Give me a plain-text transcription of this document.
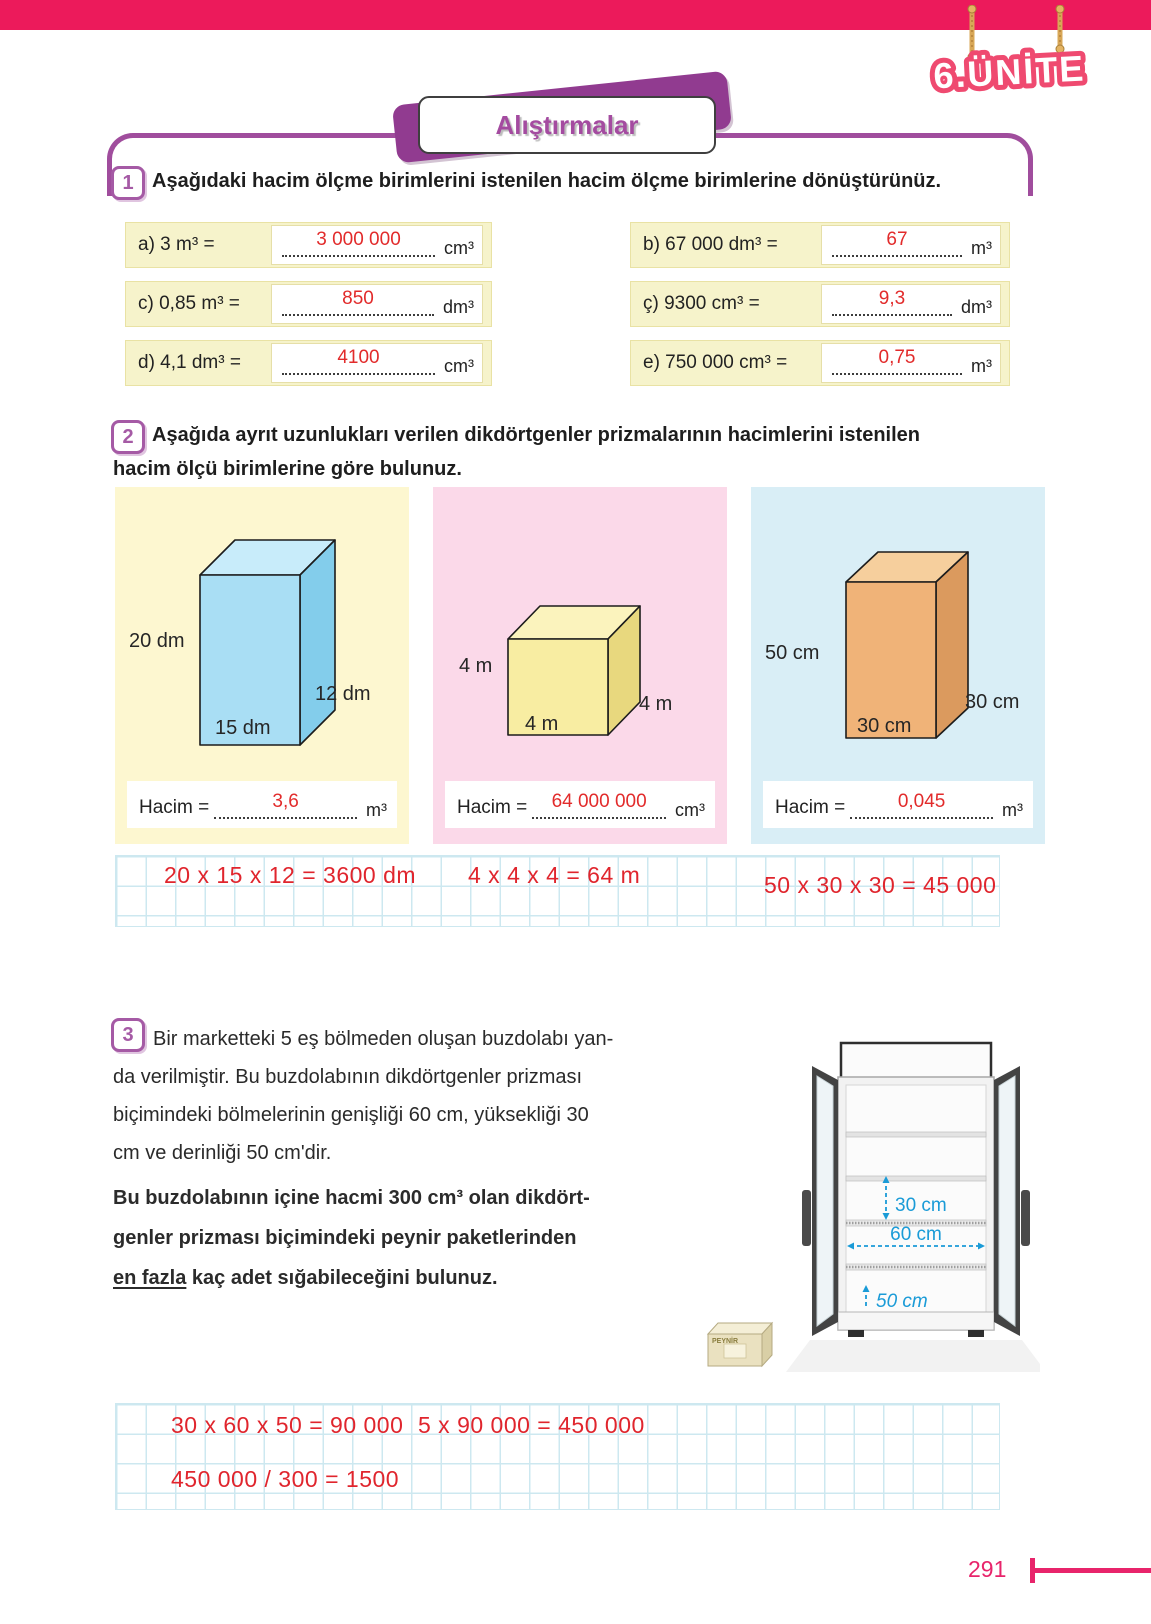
6.ÜNİTE
Alıştırmalar
1 Aşağıdaki hacim ölçme birimlerini istenilen hacim ölçme birimlerine dönüştürünüz.
a) 3 m³ =	3 000 000	cm³	b) 67 000 dm³ =	67	m³
c) 0,85 m³ =	850	dm³	ç) 9300 cm³ =	9,3	dm³
d) 4,1 dm³ =	4100	cm³	e) 750 000 cm³ =	0,75	m³
2 Aşağıda ayrıt uzunlukları verilen dikdörtgenler prizmalarının hacimlerini istenilen
hacim ölçü birimlerine göre bulunuz.
20 dm
15 dm
12 dm
Hacim =	3,6	m³
4 m
4 m
4 m
Hacim =	64 000 000	cm³
50 cm
30 cm
30 cm
Hacim =	0,045	m³
20 x 15 x 12 = 3600 dm 4 x 4 x 4 = 64 m	50 x 30 x 30 = 45 000
3 Bir marketteki 5 eş bölmeden oluşan buzdolabı yan-
da verilmiştir. Bu buzdolabının dikdörtgenler prizması
biçimindeki bölmelerinin genişliği 60 cm, yüksekliği 30
cm ve derinliği 50 cm'dir.
Bu buzdolabının içine hacmi 300 cm³ olan dikdört-
genler prizması biçimindeki peynir paketlerinden
en fazla kaç adet sığabileceğini bulunuz.
30 cm
60 cm
50 cm
PEYNİR
30 x 60 x 50 = 90 000 5 x 90 000 = 450 000
450 000 / 300 = 1500
291
